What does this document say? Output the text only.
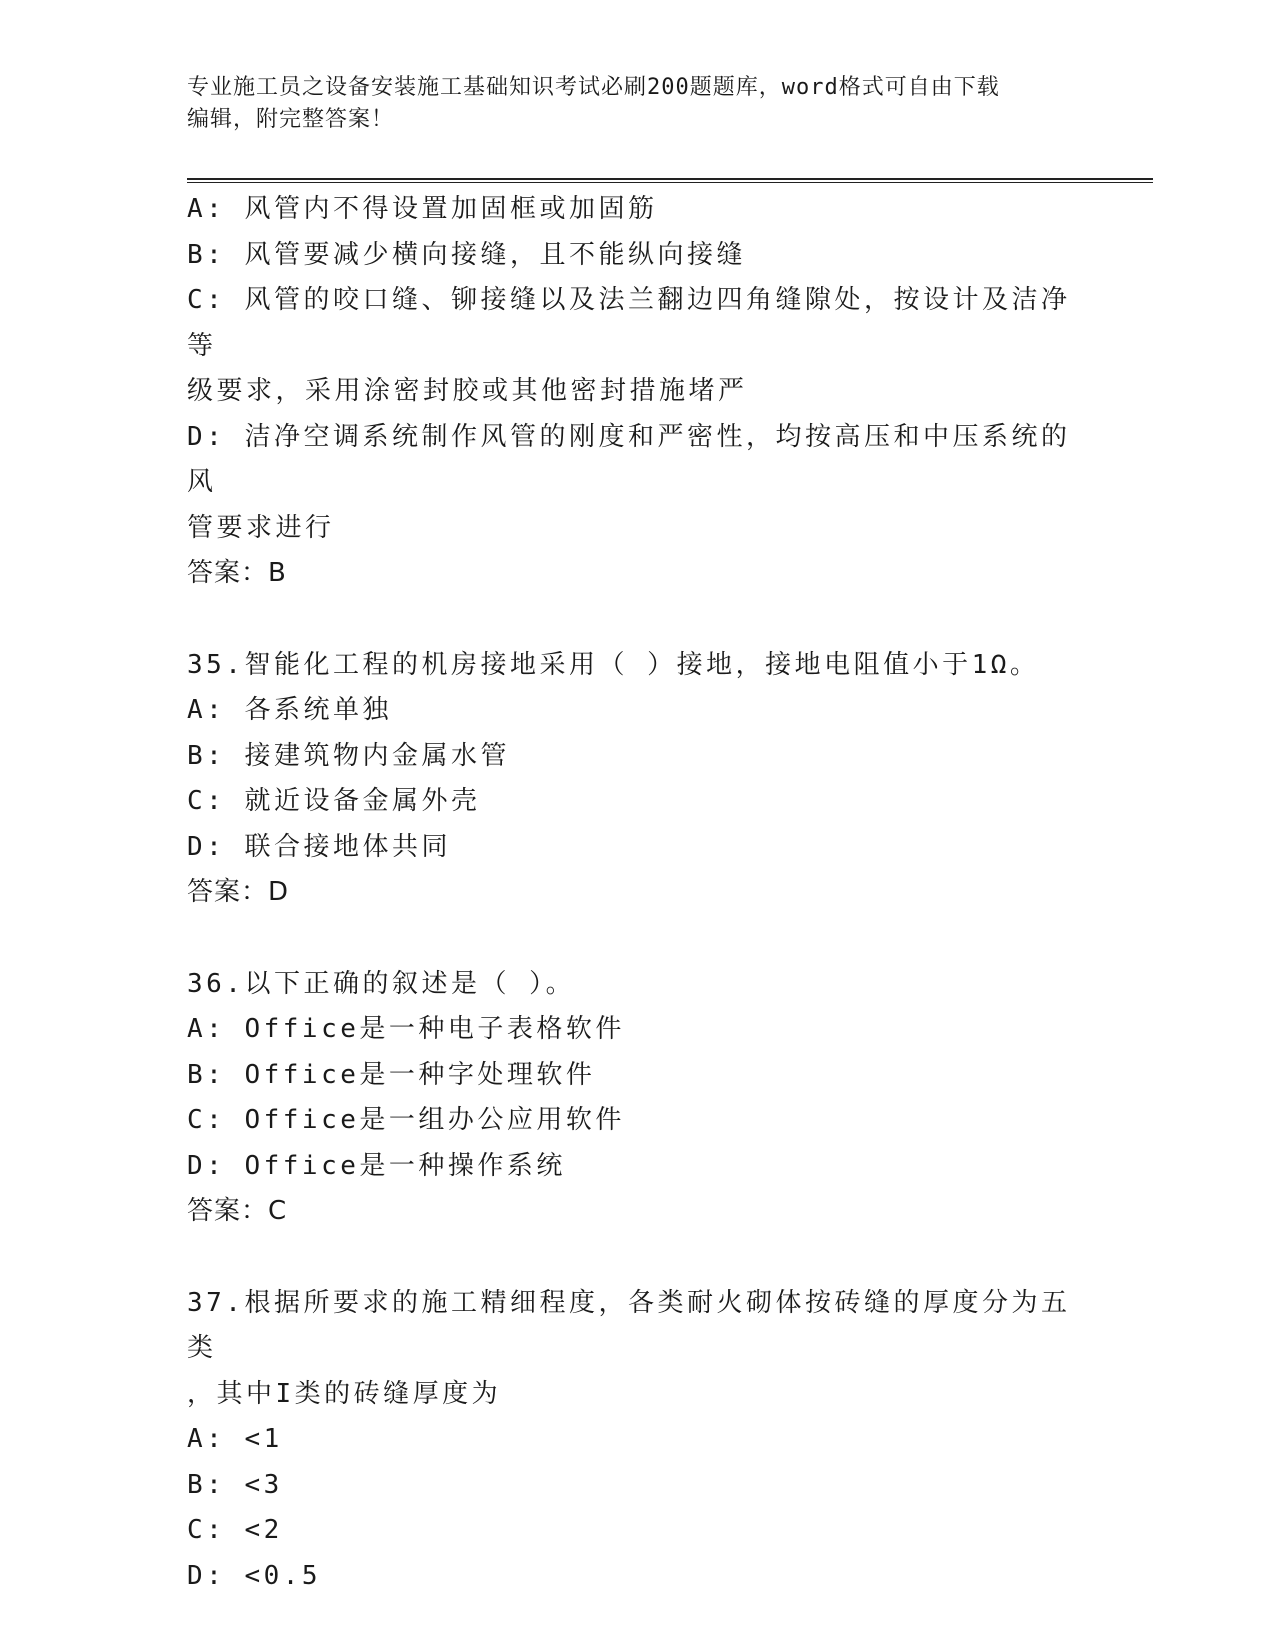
专业施工员之设备安装施工基础知识考试必刷200题题库，word格式可自由下载
编辑，附完整答案！
A: 风管内不得设置加固框或加固筋
B: 风管要减少横向接缝，且不能纵向接缝
C: 风管的咬口缝、铆接缝以及法兰翻边四角缝隙处，按设计及洁净等
级要求，采用涂密封胶或其他密封措施堵严
D: 洁净空调系统制作风管的刚度和严密性，均按高压和中压系统的风
管要求进行
答案：B
35.智能化工程的机房接地采用（ ）接地，接地电阻值小于1Ω。
A: 各系统单独
B: 接建筑物内金属水管
C: 就近设备金属外壳
D: 联合接地体共同
答案：D
36.以下正确的叙述是（ ）。
A: Office是一种电子表格软件
B: Office是一种字处理软件
C: Office是一组办公应用软件
D: Office是一种操作系统
答案：C
37.根据所要求的施工精细程度，各类耐火砌体按砖缝的厚度分为五类
，其中I类的砖缝厚度为
A: <1
B: <3
C: <2
D: <0.5
